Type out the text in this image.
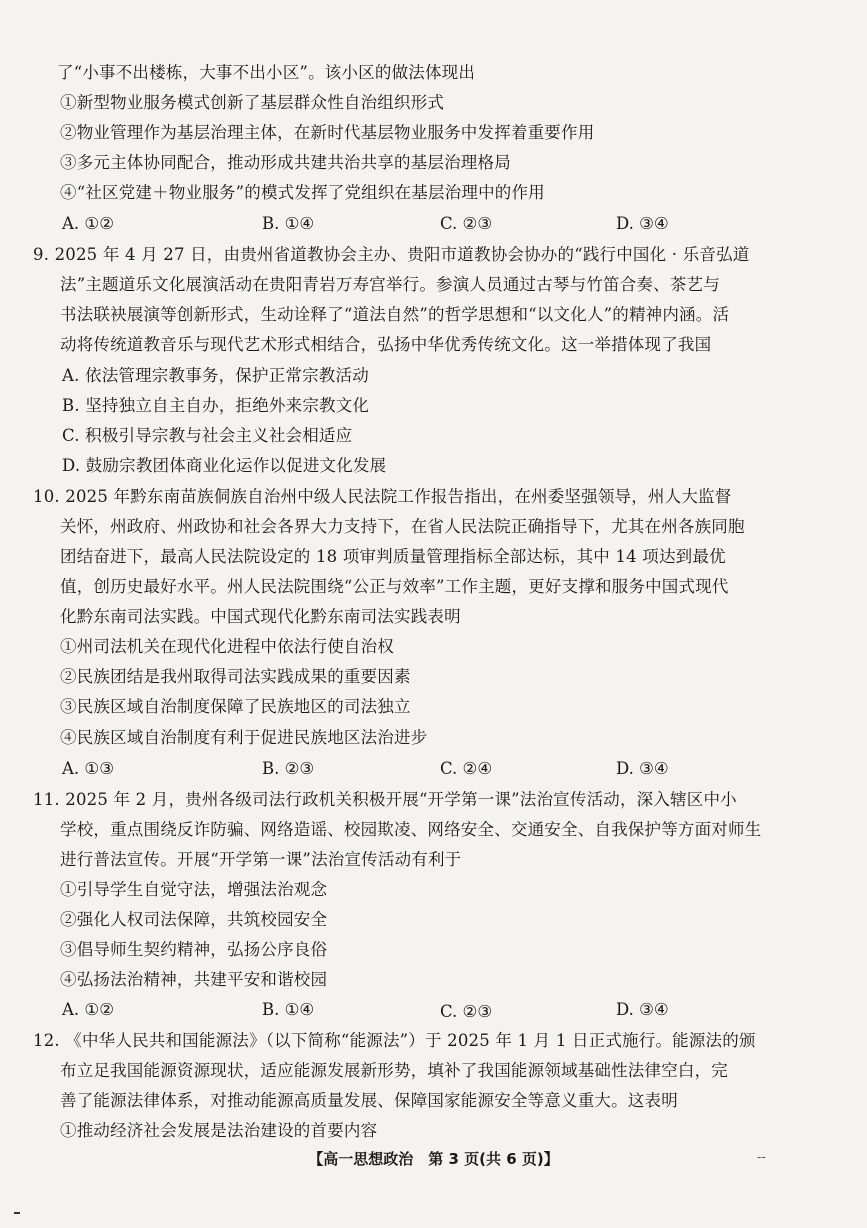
了“小事不出楼栋，大事不出小区”。该小区的做法体现出
①新型物业服务模式创新了基层群众性自治组织形式
②物业管理作为基层治理主体，在新时代基层物业服务中发挥着重要作用
③多元主体协同配合，推动形成共建共治共享的基层治理格局
④“社区党建＋物业服务”的模式发挥了党组织在基层治理中的作用
A. ①②	B. ①④	C. ②③	D. ③④
9. 2025 年 4 月 27 日，由贵州省道教协会主办、贵阳市道教协会协办的“践行中国化 · 乐音弘道
法”主题道乐文化展演活动在贵阳青岩万寿宫举行。参演人员通过古琴与竹笛合奏、茶艺与
书法联袂展演等创新形式，生动诠释了“道法自然”的哲学思想和“以文化人”的精神内涵。活
动将传统道教音乐与现代艺术形式相结合，弘扬中华优秀传统文化。这一举措体现了我国
A. 依法管理宗教事务，保护正常宗教活动
B. 坚持独立自主自办，拒绝外来宗教文化
C. 积极引导宗教与社会主义社会相适应
D. 鼓励宗教团体商业化运作以促进文化发展
10. 2025 年黔东南苗族侗族自治州中级人民法院工作报告指出，在州委坚强领导，州人大监督
关怀，州政府、州政协和社会各界大力支持下，在省人民法院正确指导下，尤其在州各族同胞
团结奋进下，最高人民法院设定的 18 项审判质量管理指标全部达标，其中 14 项达到最优
值，创历史最好水平。州人民法院围绕“公正与效率”工作主题，更好支撑和服务中国式现代
化黔东南司法实践。中国式现代化黔东南司法实践表明
①州司法机关在现代化进程中依法行使自治权
②民族团结是我州取得司法实践成果的重要因素
③民族区域自治制度保障了民族地区的司法独立
④民族区域自治制度有利于促进民族地区法治进步
A. ①③	B. ②③	C. ②④	D. ③④
11. 2025 年 2 月，贵州各级司法行政机关积极开展“开学第一课”法治宣传活动，深入辖区中小
学校，重点围绕反诈防骗、网络造谣、校园欺凌、网络安全、交通安全、自我保护等方面对师生
进行普法宣传。开展“开学第一课”法治宣传活动有利于
①引导学生自觉守法，增强法治观念
②强化人权司法保障，共筑校园安全
③倡导师生契约精神，弘扬公序良俗
④弘扬法治精神，共建平安和谐校园
A. ①②	B. ①④	C. ②③	D. ③④
12. 《中华人民共和国能源法》（以下简称“能源法”）于 2025 年 1 月 1 日正式施行。能源法的颁
布立足我国能源资源现状，适应能源发展新形势，填补了我国能源领域基础性法律空白，完
善了能源法律体系，对推动能源高质量发展、保障国家能源安全等意义重大。这表明
①推动经济社会发展是法治建设的首要内容
【高一思想政治　第 3 页(共 6 页)】	--
